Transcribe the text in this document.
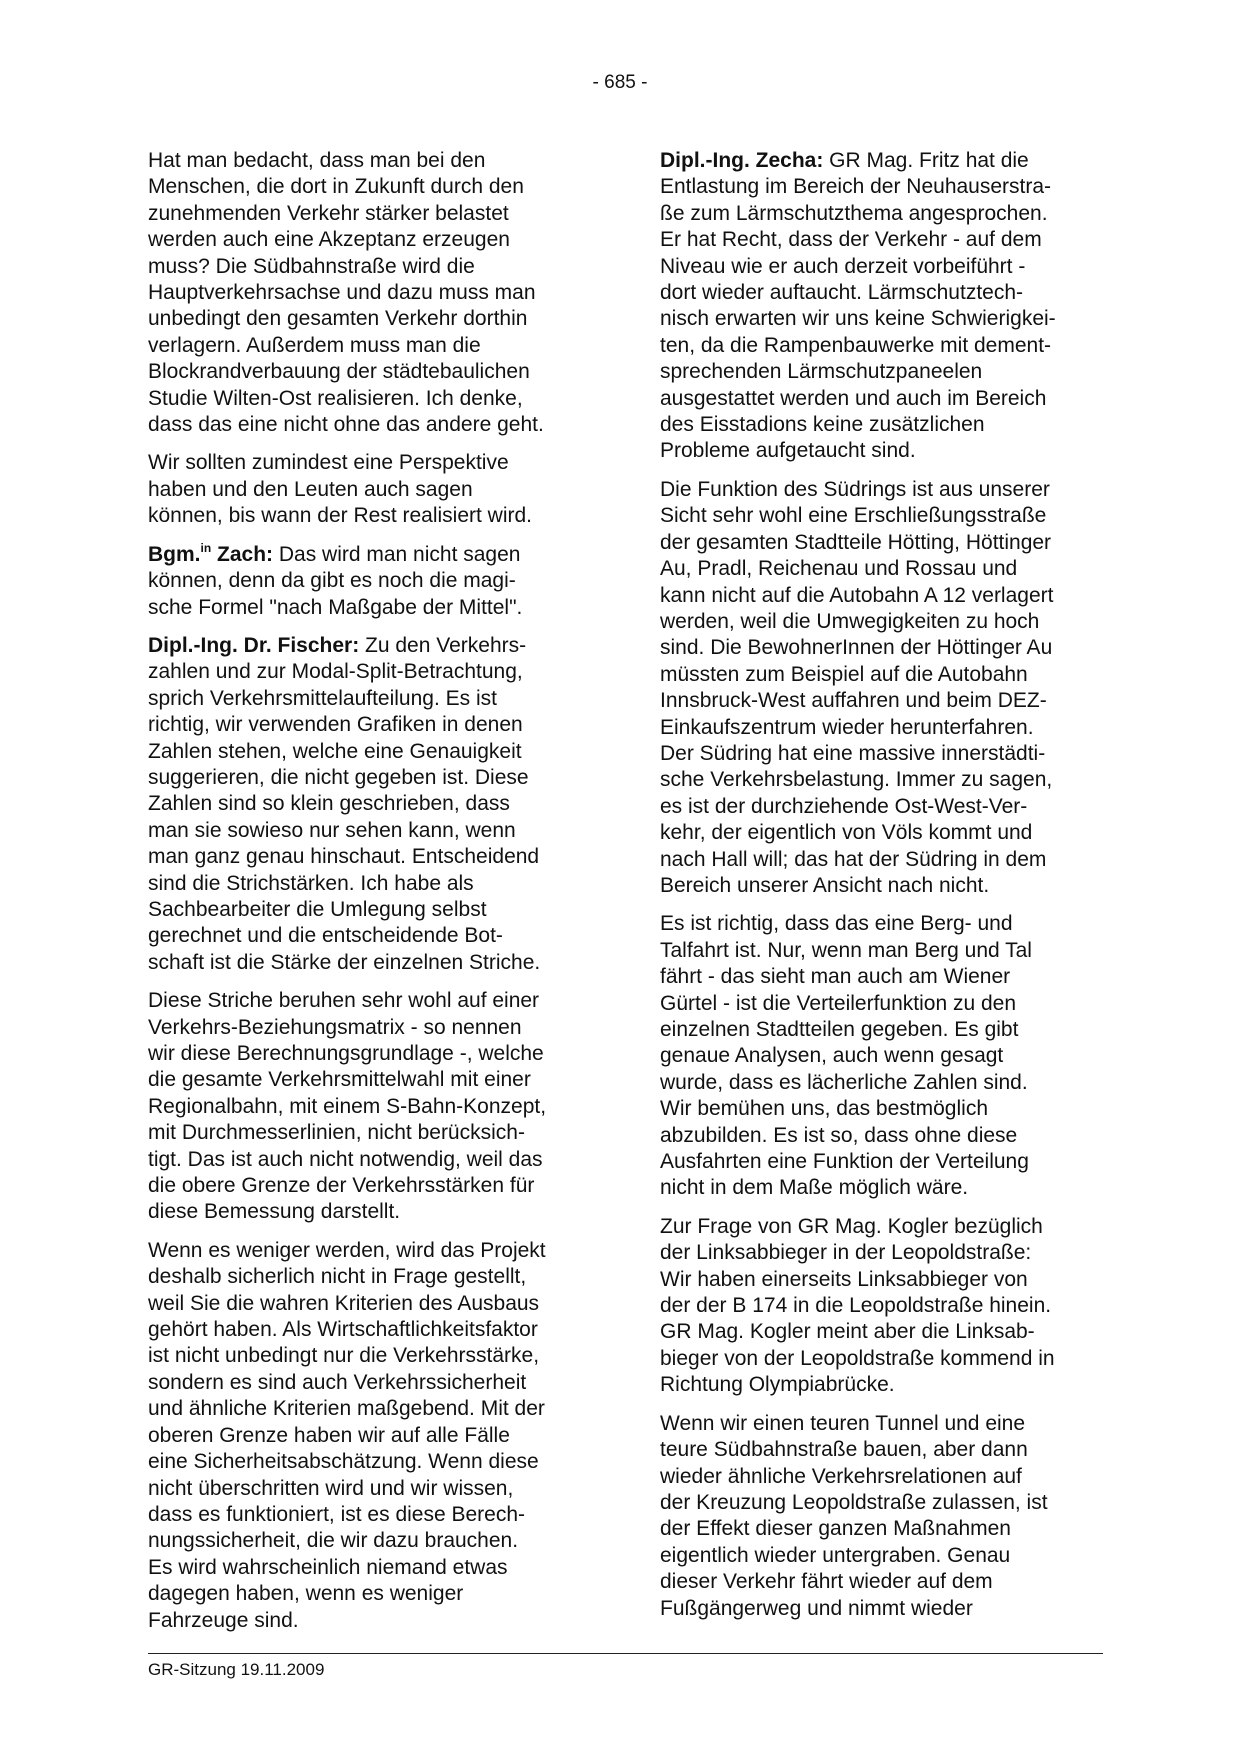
- 685 -

Hat man bedacht, dass man bei den
Menschen, die dort in Zukunft durch den
zunehmenden Verkehr stärker belastet
werden auch eine Akzeptanz erzeugen
muss? Die Südbahnstraße wird die
Hauptverkehrsachse und dazu muss man
unbedingt den gesamten Verkehr dorthin
verlagern. Außerdem muss man die
Blockrandverbauung der städtebaulichen
Studie Wilten-Ost realisieren. Ich denke,
dass das eine nicht ohne das andere geht.

Wir sollten zumindest eine Perspektive
haben und den Leuten auch sagen
können, bis wann der Rest realisiert wird.

Bgm.$^{in}$ Zach: Das wird man nicht sagen
können, denn da gibt es noch die magi-
sche Formel "nach Maßgabe der Mittel".

Dipl.-Ing. Dr. Fischer: Zu den Verkehrs-
zahlen und zur Modal-Split-Betrachtung,
sprich Verkehrsmittelaufteilung. Es ist
richtig, wir verwenden Grafiken in denen
Zahlen stehen, welche eine Genauigkeit
suggerieren, die nicht gegeben ist. Diese
Zahlen sind so klein geschrieben, dass
man sie sowieso nur sehen kann, wenn
man ganz genau hinschaut. Entscheidend
sind die Strichstärken. Ich habe als
Sachbearbeiter die Umlegung selbst
gerechnet und die entscheidende Bot-
schaft ist die Stärke der einzelnen Striche.

Diese Striche beruhen sehr wohl auf einer
Verkehrs-Beziehungsmatrix - so nennen
wir diese Berechnungsgrundlage -, welche
die gesamte Verkehrsmittelwahl mit einer
Regionalbahn, mit einem S-Bahn-Konzept,
mit Durchmesserlinien, nicht berücksich-
tigt. Das ist auch nicht notwendig, weil das
die obere Grenze der Verkehrsstärken für
diese Bemessung darstellt.

Wenn es weniger werden, wird das Projekt
deshalb sicherlich nicht in Frage gestellt,
weil Sie die wahren Kriterien des Ausbaus
gehört haben. Als Wirtschaftlichkeitsfaktor
ist nicht unbedingt nur die Verkehrsstärke,
sondern es sind auch Verkehrssicherheit
und ähnliche Kriterien maßgebend. Mit der
oberen Grenze haben wir auf alle Fälle
eine Sicherheitsabschätzung. Wenn diese
nicht überschritten wird und wir wissen,
dass es funktioniert, ist es diese Berech-
nungssicherheit, die wir dazu brauchen.
Es wird wahrscheinlich niemand etwas
dagegen haben, wenn es weniger
Fahrzeuge sind.

Dipl.-Ing. Zecha: GR Mag. Fritz hat die
Entlastung im Bereich der Neuhauserstra-
ße zum Lärmschutzthema angesprochen.
Er hat Recht, dass der Verkehr - auf dem
Niveau wie er auch derzeit vorbeiführt -
dort wieder auftaucht. Lärmschutztech-
nisch erwarten wir uns keine Schwierigkei-
ten, da die Rampenbauwerke mit dement-
sprechenden Lärmschutzpaneelen
ausgestattet werden und auch im Bereich
des Eisstadions keine zusätzlichen
Probleme aufgetaucht sind.

Die Funktion des Südrings ist aus unserer
Sicht sehr wohl eine Erschließungsstraße
der gesamten Stadtteile Hötting, Höttinger
Au, Pradl, Reichenau und Rossau und
kann nicht auf die Autobahn A 12 verlagert
werden, weil die Umwegigkeiten zu hoch
sind. Die BewohnerInnen der Höttinger Au
müssten zum Beispiel auf die Autobahn
Innsbruck-West auffahren und beim DEZ-
Einkaufszentrum wieder herunterfahren.
Der Südring hat eine massive innerstädti-
sche Verkehrsbelastung. Immer zu sagen,
es ist der durchziehende Ost-West-Ver-
kehr, der eigentlich von Völs kommt und
nach Hall will; das hat der Südring in dem
Bereich unserer Ansicht nach nicht.

Es ist richtig, dass das eine Berg- und
Talfahrt ist. Nur, wenn man Berg und Tal
fährt - das sieht man auch am Wiener
Gürtel - ist die Verteilerfunktion zu den
einzelnen Stadtteilen gegeben. Es gibt
genaue Analysen, auch wenn gesagt
wurde, dass es lächerliche Zahlen sind.
Wir bemühen uns, das bestmöglich
abzubilden. Es ist so, dass ohne diese
Ausfahrten eine Funktion der Verteilung
nicht in dem Maße möglich wäre.

Zur Frage von GR Mag. Kogler bezüglich
der Linksabbieger in der Leopoldstraße:
Wir haben einerseits Linksabbieger von
der der B 174 in die Leopoldstraße hinein.
GR Mag. Kogler meint aber die Linksab-
bieger von der Leopoldstraße kommend in
Richtung Olympiabrücke.

Wenn wir einen teuren Tunnel und eine
teure Südbahnstraße bauen, aber dann
wieder ähnliche Verkehrsrelationen auf
der Kreuzung Leopoldstraße zulassen, ist
der Effekt dieser ganzen Maßnahmen
eigentlich wieder untergraben. Genau
dieser Verkehr fährt wieder auf dem
Fußgängerweg und nimmt wieder

GR-Sitzung 19.11.2009
